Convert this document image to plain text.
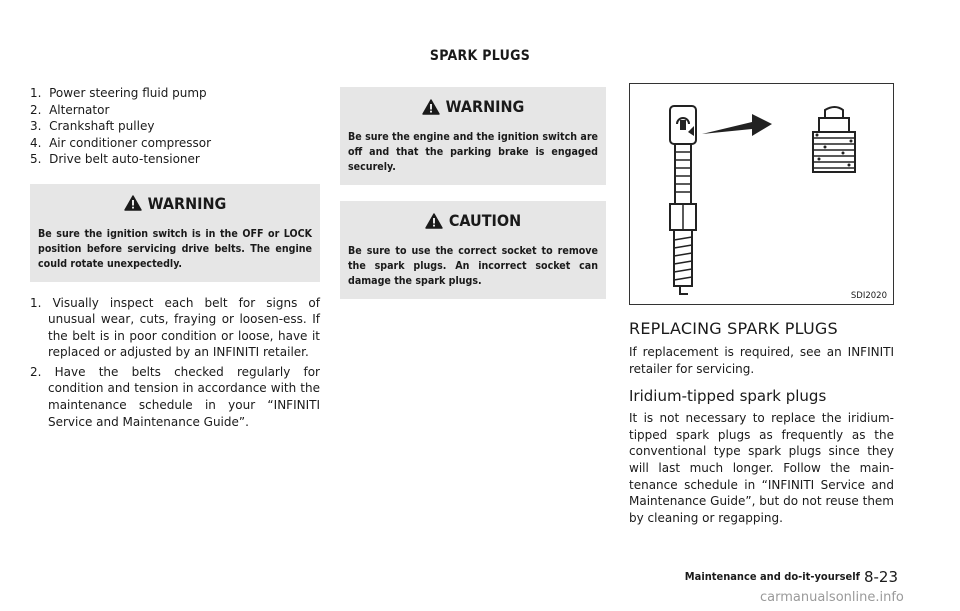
SPARK PLUGS
1. Power steering fluid pump
2. Alternator
3. Crankshaft pulley
4. Air conditioner compressor
5. Drive belt auto-tensioner
WARNING
Be sure the ignition switch is in the OFF or LOCK position before servicing drive belts. The engine could rotate unexpectedly.
1. Visually inspect each belt for signs of unusual wear, cuts, fraying or loosen-ess. If the belt is in poor condition or loose, have it replaced or adjusted by an INFINITI retailer.
2. Have the belts checked regularly for condition and tension in accordance with the maintenance schedule in your “INFINITI Service and Maintenance Guide”.
WARNING
Be sure the engine and the ignition switch are off and that the parking brake is engaged securely.
CAUTION
Be sure to use the correct socket to remove the spark plugs. An incorrect socket can damage the spark plugs.
SDI2020
REPLACING SPARK PLUGS

If replacement is required, see an INFINITI retailer for servicing.

Iridium-tipped spark plugs

It is not necessary to replace the iridium-tipped spark plugs as frequently as the conventional type spark plugs since they will last much longer. Follow the main-tenance schedule in “INFINITI Service and Maintenance Guide”, but do not reuse them by cleaning or regapping.

Maintenance and do-it-yourself 8-23
carmanualsonline.info
